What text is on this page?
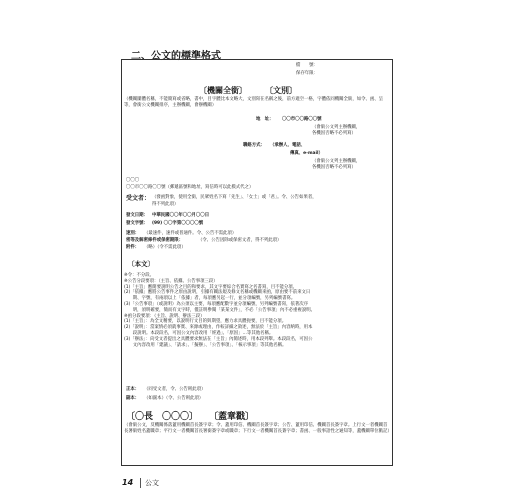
二、公文的標準格式
檔　　號：
保存年限：
〔機關全銜〕 〔文別〕

（機關團體名稱，不能簡寫或省略，書中，目字體比本文略大，文別寫在名稱之後，前方適空一格，字體依同機關全銜，如令、函、呈等，會銜公文機關排序，主辦機關，會辦機關）

地　址： 〇〇市〇〇路〇〇號
（會銜公文列主辦機關，
各機因否略不必列寫）
聯絡方式： （承辦人、電話、
傳真、e-mail）
（會銜公文列主辦機關，
各機因否略不必列寫）
〇〇〇
〇〇市〇〇路〇〇號（郵遞區號和地址，寫信時可以此模式代之）
受文者： （發函對象，使用全銜，民眾姓名下寫「先生」、「女士」或「君」。令、公告如果者，
得不列此項）
發文日期： 中華民國〇〇年〇〇月〇〇日
發文字號： (99) 〇〇字第〇〇〇〇號
速別： （最速件，速件或普通件。令、公告不需此項）
密等及解密條件或保密期限：	（令、公告因除或保密文者，得不列此項）
附件： （略）（令不需此項）
〔本文〕
※令：不分段。
※公告分段要項：（主旨、依據、公告事項三段）
(1)「主旨」應簡要說明公告之目的和要求，其文字要綜合名實寫之名書寫，目不能分項。
(2)「依據」應將公告事件之原由說明，引據有關法規及條文名稱或機關來函，原由要不前來文日
　　期、字號，有兩項以上「依據」者，每項應另起一行，並分項編號，另列編號書寫。
(3)「公告事項」（或說明）為公須以主要，每項應配數字並分項編號，另列編號書寫，依著次序
　　明，須明確要，簡而有文字時，僅註明參閱「某某文件」，不必「公告事項」內不必重複說明。
※函分段要項：（主旨、說明、辦法三段）
(1)「主旨」：為全文精要，以說明行文目的與期望，應力求具體扼要，目不能分項。
(2)「說明」：當案情必須就事實、來源或理由，作較詳細之敘述，無法於「主旨」內容納時，用本
　　段說明。本段段名，可因公文內容改用「經過」、「原因」…等其他名稱。
(3)「辦法」：向受文者提出之具體要求無法在「主旨」內簡述時，用本段列舉。本段段名，可因公
　　文內容改用「建議」、「請求」、「擬辦」、「公告事項」、「核示事項」等其他名稱。
正本： （同受文者，令、公告則此項）
副本： （如副本）（令、公告則此項）
〔〇長　〇〇〇〕 〔蓋章戳〕

（會銜公文，反機關係落蓋用機關首長簽字章；令、蓋用印信、機關首長簽字章；公告、蓋用印信、機關首長簽字章。上行文一者機關首長署銜姓名蓋職章；平行文一者機關首長署銜簽字章或職章；下行文一者機關首長簽字章；書函、一般事語性之通知等，蓋機關單位戳記）

14 公文
